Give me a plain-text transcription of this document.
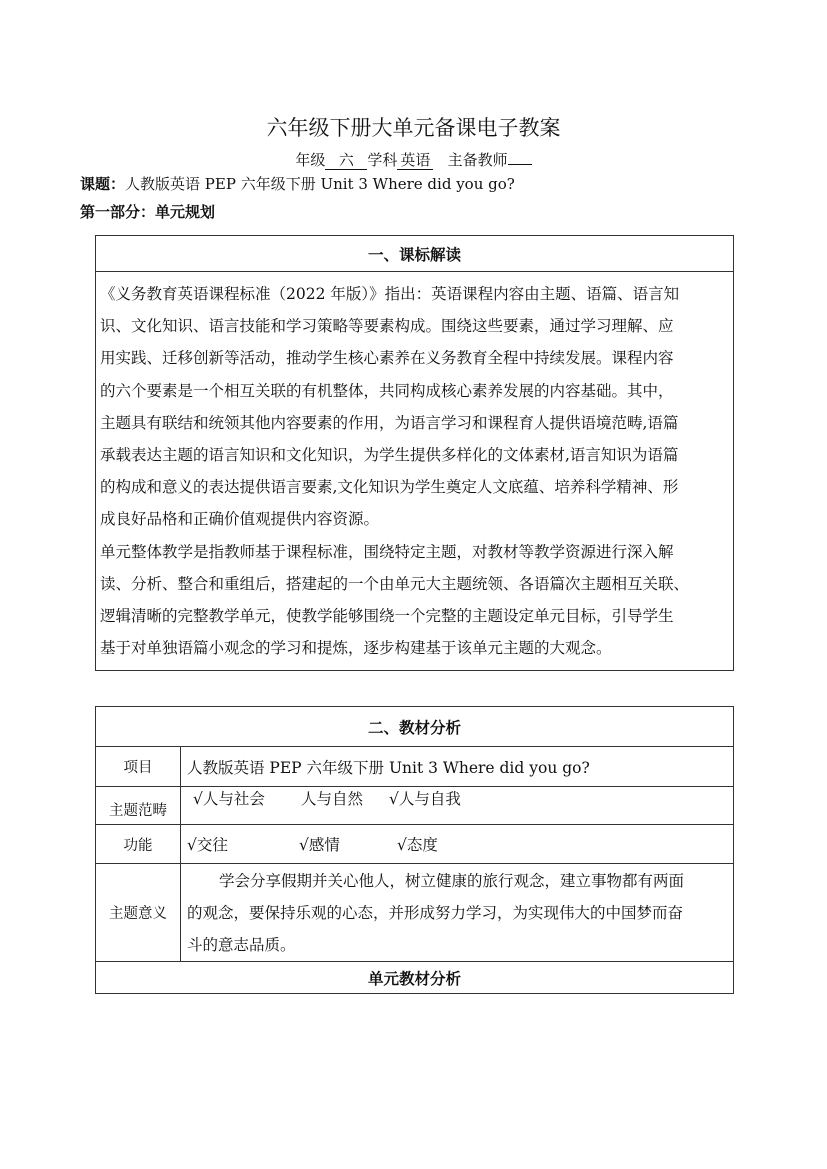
六年级下册大单元备课电子教案
年级 六 学科 英语 主备教师
课题：人教版英语 PEP 六年级下册 Unit 3 Where did you go?
第一部分：单元规划
一、课标解读

《义务教育英语课程标准（2022 年版）》指出：英语课程内容由主题、语篇、语言知
识、文化知识、语言技能和学习策略等要素构成。围绕这些要素，通过学习理解、应
用实践、迁移创新等活动，推动学生核心素养在义务教育全程中持续发展。课程内容
的六个要素是一个相互关联的有机整体，共同构成核心素养发展的内容基础。其中，
主题具有联结和统领其他内容要素的作用，为语言学习和课程育人提供语境范畴,语篇
承载表达主题的语言知识和文化知识，为学生提供多样化的文体素材,语言知识为语篇
的构成和意义的表达提供语言要素,文化知识为学生奠定人文底蕴、培养科学精神、形
成良好品格和正确价值观提供内容资源。
单元整体教学是指教师基于课程标准，围绕特定主题，对教材等教学资源进行深入解
读、分析、整合和重组后，搭建起的一个由单元大主题统领、各语篇次主题相互关联、
逻辑清晰的完整教学单元，使教学能够围绕一个完整的主题设定单元目标，引导学生
基于对单独语篇小观念的学习和提炼，逐步构建基于该单元主题的大观念。
二、教材分析	
项目	人教版英语 PEP 六年级下册 Unit 3 Where did you go?
主题范畴	√人与社会 人与自然 √人与自我
功能	√交往 √感情 √态度
主题意义	学会分享假期并关心他人，树立健康的旅行观念，建立事物都有两面
的观念，要保持乐观的心态，并形成努力学习，为实现伟大的中国梦而奋
斗的意志品质。

单元教材分析	
